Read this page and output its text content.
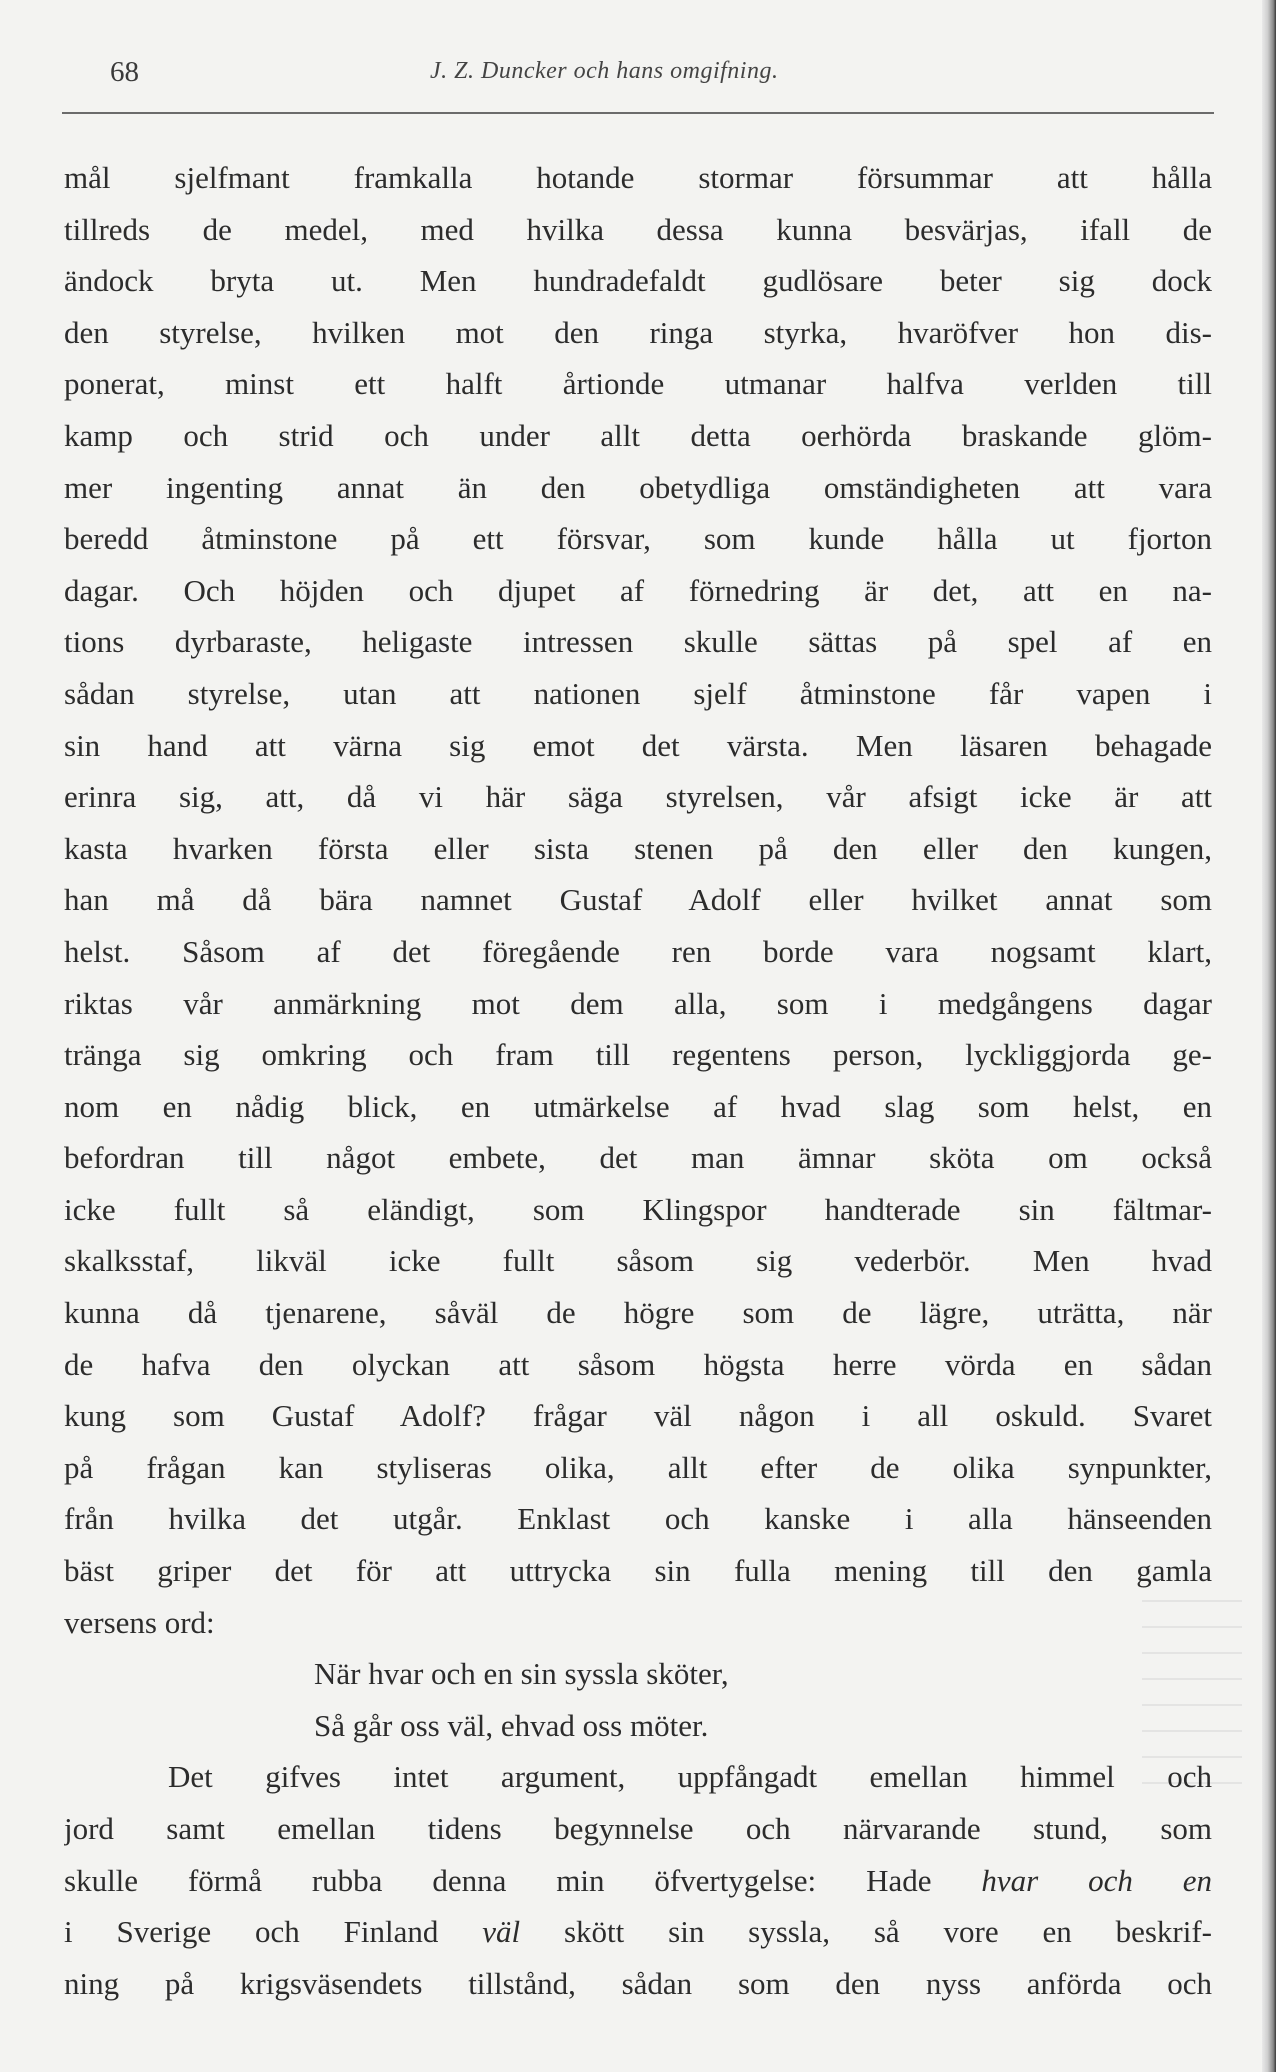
68	J. Z. Duncker och hans omgifning.
mål sjelfmant framkalla hotande stormar försummar att hålla
tillreds de medel, med hvilka dessa kunna besvärjas, ifall de
ändock bryta ut. Men hundradefaldt gudlösare beter sig dock
den styrelse, hvilken mot den ringa styrka, hvaröfver hon dis-
ponerat, minst ett halft årtionde utmanar halfva verlden till
kamp och strid och under allt detta oerhörda braskande glöm-
mer ingenting annat än den obetydliga omständigheten att vara
beredd åtminstone på ett försvar, som kunde hålla ut fjorton
dagar. Och höjden och djupet af förnedring är det, att en na-
tions dyrbaraste, heligaste intressen skulle sättas på spel af en
sådan styrelse, utan att nationen sjelf åtminstone får vapen i
sin hand att värna sig emot det värsta. Men läsaren behagade
erinra sig, att, då vi här säga styrelsen, vår afsigt icke är att
kasta hvarken första eller sista stenen på den eller den kungen,
han må då bära namnet Gustaf Adolf eller hvilket annat som
helst. Såsom af det föregående ren borde vara nogsamt klart,
riktas vår anmärkning mot dem alla, som i medgångens dagar
tränga sig omkring och fram till regentens person, lyckliggjorda ge-
nom en nådig blick, en utmärkelse af hvad slag som helst, en
befordran till något embete, det man ämnar sköta om också
icke fullt så eländigt, som Klingspor handterade sin fältmar-
skalksstaf, likväl icke fullt såsom sig vederbör. Men hvad
kunna då tjenarene, såväl de högre som de lägre, uträtta, när
de hafva den olyckan att såsom högsta herre vörda en sådan
kung som Gustaf Adolf? frågar väl någon i all oskuld. Svaret
på frågan kan styliseras olika, allt efter de olika synpunkter,
från hvilka det utgår. Enklast och kanske i alla hänseenden
bäst griper det för att uttrycka sin fulla mening till den gamla
versens ord:
När hvar och en sin syssla sköter,
Så går oss väl, ehvad oss möter.
Det gifves intet argument, uppfångadt emellan himmel och
jord samt emellan tidens begynnelse och närvarande stund, som
skulle förmå rubba denna min öfvertygelse: Hade hvar och en
i Sverige och Finland väl skött sin syssla, så vore en beskrif-
ning på krigsväsendets tillstånd, sådan som den nyss anförda och
